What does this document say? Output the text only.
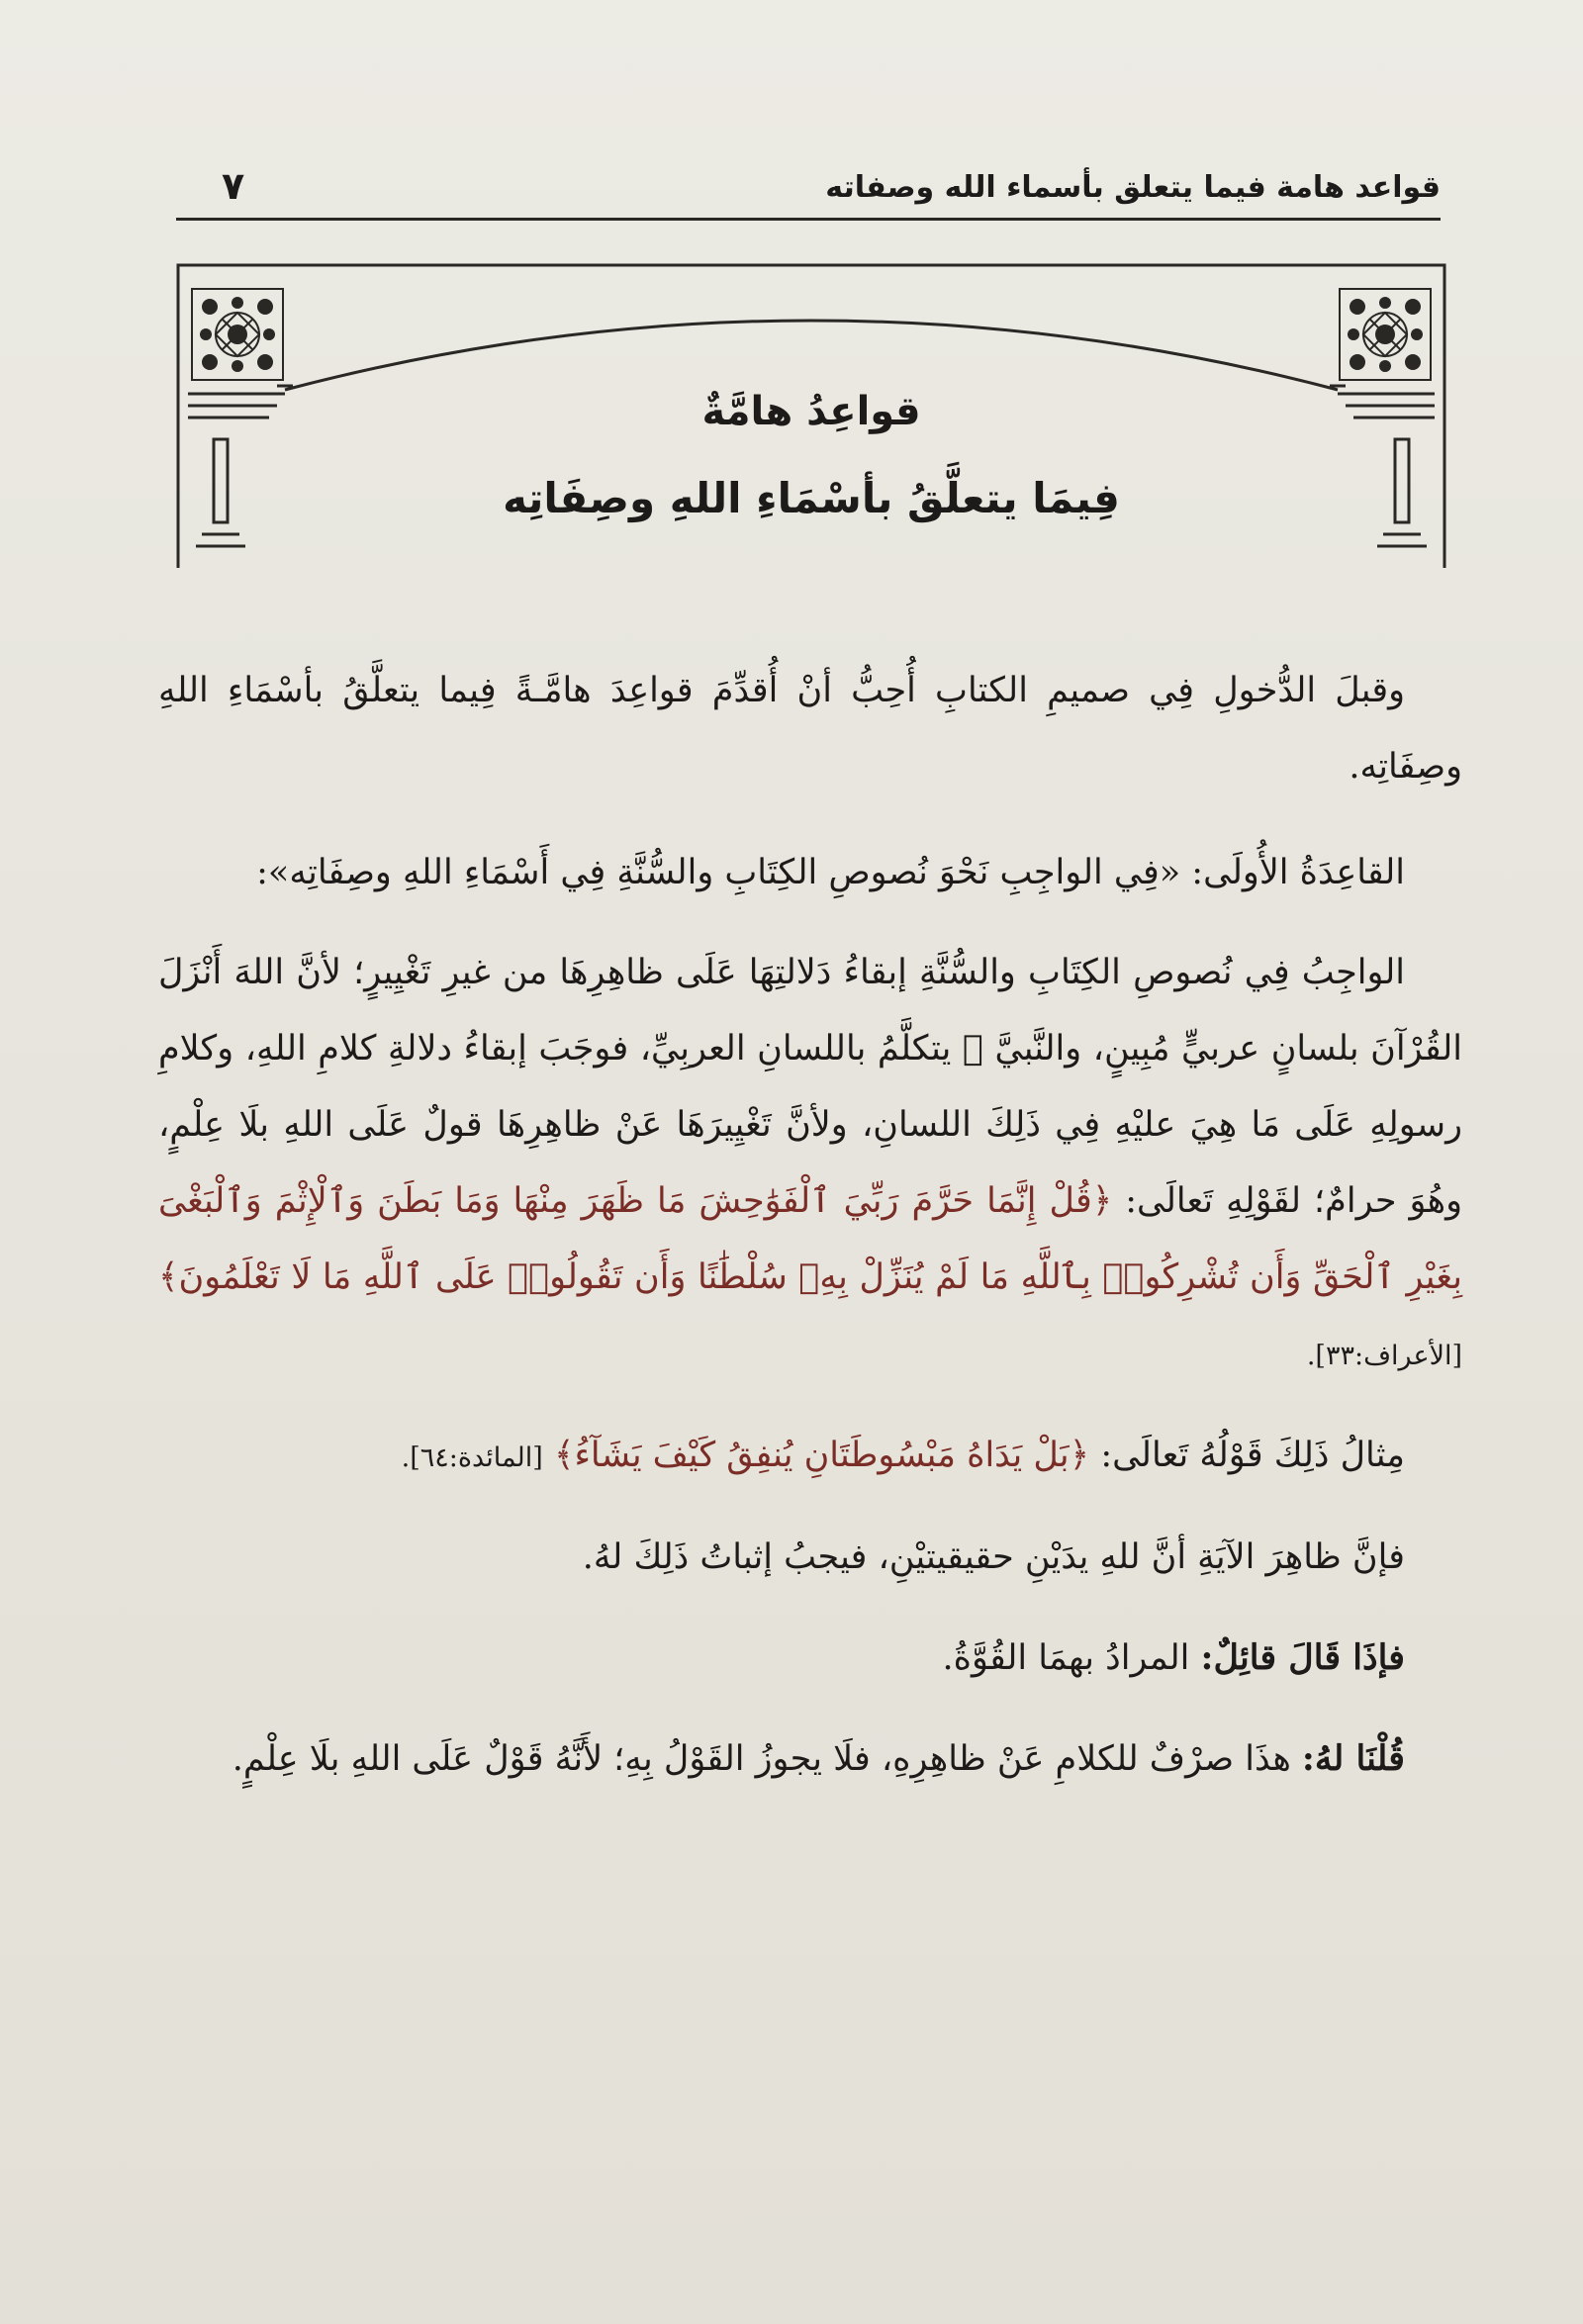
قواعد هامة فيما يتعلق بأسماء الله وصفاته
٧
قواعِدُ هامَّةٌ
فِيمَا يتعلَّقُ بأسْمَاءِ اللهِ وصِفَاتِه

وقبلَ الدُّخولِ فِي صميمِ الكتابِ أُحِبُّ أنْ أُقدِّمَ قواعِدَ هامَّـةً فِيما يتعلَّقُ بأسْمَاءِ اللهِ وصِفَاتِه.

القاعِدَةُ الأُولَى: «فِي الواجِبِ نَحْوَ نُصوصِ الكِتَابِ والسُّنَّةِ فِي أَسْمَاءِ اللهِ وصِفَاتِه»:

الواجِبُ فِي نُصوصِ الكِتَابِ والسُّنَّةِ إبقاءُ دَلالتِهَا عَلَى ظاهِرِهَا من غيرِ تَغْيِيرٍ؛ لأنَّ اللهَ أَنْزَلَ القُرْآنَ بلسانٍ عربيٍّ مُبِينٍ، والنَّبيَّ ﷺ يتكلَّمُ باللسانِ العربِيِّ، فوجَبَ إبقاءُ دلالةِ كلامِ اللهِ، وكلامِ رسولِهِ عَلَى مَا هِيَ عليْهِ فِي ذَلِكَ اللسانِ، ولأنَّ تَغْيِيرَهَا عَنْ ظاهِرِهَا قولٌ عَلَى اللهِ بلَا عِلْمٍ، وهُوَ حرامٌ؛ لقَوْلِهِ تَعالَى: ﴿قُلْ إِنَّمَا حَرَّمَ رَبِّيَ ٱلْفَوَٰحِشَ مَا ظَهَرَ مِنْهَا وَمَا بَطَنَ وَٱلْإِثْمَ وَٱلْبَغْىَ بِغَيْرِ ٱلْحَقِّ وَأَن تُشْرِكُوا۟ بِٱللَّهِ مَا لَمْ يُنَزِّلْ بِهِۦ سُلْطَٰنًا وَأَن تَقُولُوا۟ عَلَى ٱللَّهِ مَا لَا تَعْلَمُونَ﴾ [الأعراف:٣٣].

مِثالُ ذَلِكَ قَوْلُهُ تَعالَى: ﴿بَلْ يَدَاهُ مَبْسُوطَتَانِ يُنفِقُ كَيْفَ يَشَآءُ﴾ [المائدة:٦٤].

فإنَّ ظاهِرَ الآيَةِ أنَّ للهِ يدَيْنِ حقيقيتيْنِ، فيجبُ إثباتُ ذَلِكَ لهُ.

فإذَا قَالَ قائِلٌ: المرادُ بهمَا القُوَّةُ.

قُلْنَا لهُ: هذَا صرْفٌ للكلامِ عَنْ ظاهِرِهِ، فلَا يجوزُ القَوْلُ بِهِ؛ لأَنَّهُ قَوْلٌ عَلَى اللهِ بلَا عِلْمٍ.
